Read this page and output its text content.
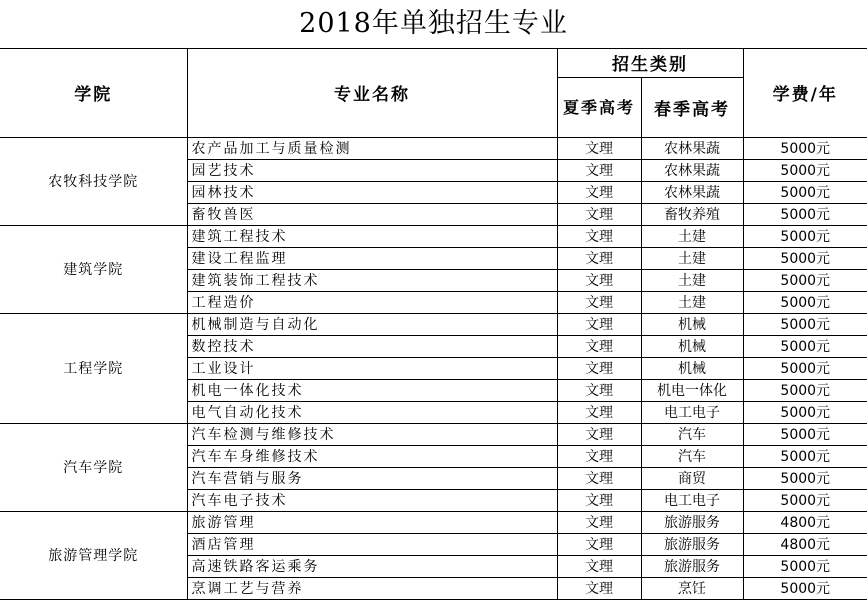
2018年单独招生专业
学院	专业名称	招生类别		学费/年
		夏季高考	春季高考	
农牧科技学院	农产品加工与质量检测	文理	农林果蔬	5000元
	园艺技术	文理	农林果蔬	5000元
	园林技术	文理	农林果蔬	5000元
	畜牧兽医	文理	畜牧养殖	5000元
建筑学院	建筑工程技术	文理	土建	5000元
	建设工程监理	文理	土建	5000元
	建筑装饰工程技术	文理	土建	5000元
	工程造价	文理	土建	5000元
工程学院	机械制造与自动化	文理	机械	5000元
	数控技术	文理	机械	5000元
	工业设计	文理	机械	5000元
	机电一体化技术	文理	机电一体化	5000元
	电气自动化技术	文理	电工电子	5000元
汽车学院	汽车检测与维修技术	文理	汽车	5000元
	汽车车身维修技术	文理	汽车	5000元
	汽车营销与服务	文理	商贸	5000元
	汽车电子技术	文理	电工电子	5000元
旅游管理学院	旅游管理	文理	旅游服务	4800元
	酒店管理	文理	旅游服务	4800元
	高速铁路客运乘务	文理	旅游服务	5000元
	烹调工艺与营养	文理	烹饪	5000元
